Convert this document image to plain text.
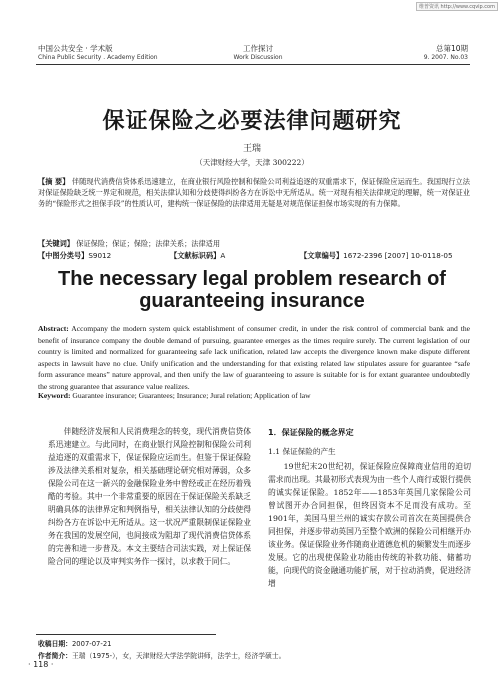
维普资讯 http://www.cqvip.com
中国公共安全 · 学术版
China Public Security . Academy Edition
工作探讨
Work Discussion
总第10期
9. 2007. No.03
保证保险之必要法律问题研究
王瑞
（天津财经大学，天津 300222）

【摘 要】 伴随现代消费信贷体系迅速建立，在商业银行风险控制和保险公司利益追逐的双重需求下，保证保险应运而生。我国现行立法对保证保险缺乏统一界定和规范，相关法律认知和分歧使得纠纷各方在诉讼中无所适从。统一对现有相关法律规定的理解，统一对保证业务的“保险形式之担保手段”的性质认可，建构统一保证保险的法律适用无疑是对规范保证担保市场实现的有力保障。

【关键词】 保证保险；保证；保险；法律关系；法律适用
【中图分类号】S9012	【文献标识码】A	【文章编号】1672-2396 [2007] 10-0118-05
The necessary legal problem research of guaranteeing insurance
Abstract: Accompany the modern system quick establishment of consumer credit, in under the risk control of commercial bank and the benefit of insurance company the double demand of pursuing, guarantee emerges as the times require surely. The current legislation of our country is limited and normalized for guaranteeing safe lack unification, related law accepts the divergence known make dispute different aspects in lawsuit have no clue. Unify unification and the understanding for that existing related law stipulates assure for guarantee “safe form assurance means” nature approval, and then unify the law of guaranteeing to assure is suitable for is for extant guarantee undoubtedly the strong guarantee that assurance value realizes.
Keyword: Guarantee insurance; Guarantees; Insurance; Jural relation; Application of law

伴随经济发展和人民消费理念的转变，现代消费信贷体系迅速建立。与此同时，在商业银行风险控制和保险公司利益追逐的双重需求下，保证保险应运而生。但鉴于保证保险涉及法律关系相对复杂，相关基础理论研究相对薄弱，众多保险公司在这一新兴的金融保险业务中曾经或正在经历着残酷的考验。其中一个非常重要的原因在于保证保险关系缺乏明确具体的法律界定和判例指导，相关法律认知的分歧使得纠纷各方在诉讼中无所适从。这一状况严重限制保证保险业务在我国的发展空间，也间接成为阻却了现代消费信贷体系的完善和进一步普及。本文主要结合司法实践，对上保证保险合同的理论以及审判实务作一探讨，以求教于同仁。

1．保证保险的概念界定
1.1 保证保险的产生

19世纪末20世纪初，保证保险应保障商业信用的迫切需求而出现。其最初形式表现为由一些个人商行或银行提供的诚实保证保险。1852年——1853年英国几家保险公司曾试图开办合同担保，但终因资本不足而没有成功。至1901年，美国马里兰州的诚实存款公司首次在英国提供合同担保，并逐步带动英国乃至整个欧洲的保险公司相继开办该业务。保证保险业务作随商业道德危机的频繁发生而逐步发展。它的出现使保险业功能由传统的补救功能、储蓄功能，向现代的资金融通功能扩展，对于拉动消费，促进经济增

收稿日期：2007-07-21
作者简介：王瑞（1975-），女，天津财经大学法学院讲师，法学士，经济学硕士。
· 118 ·
